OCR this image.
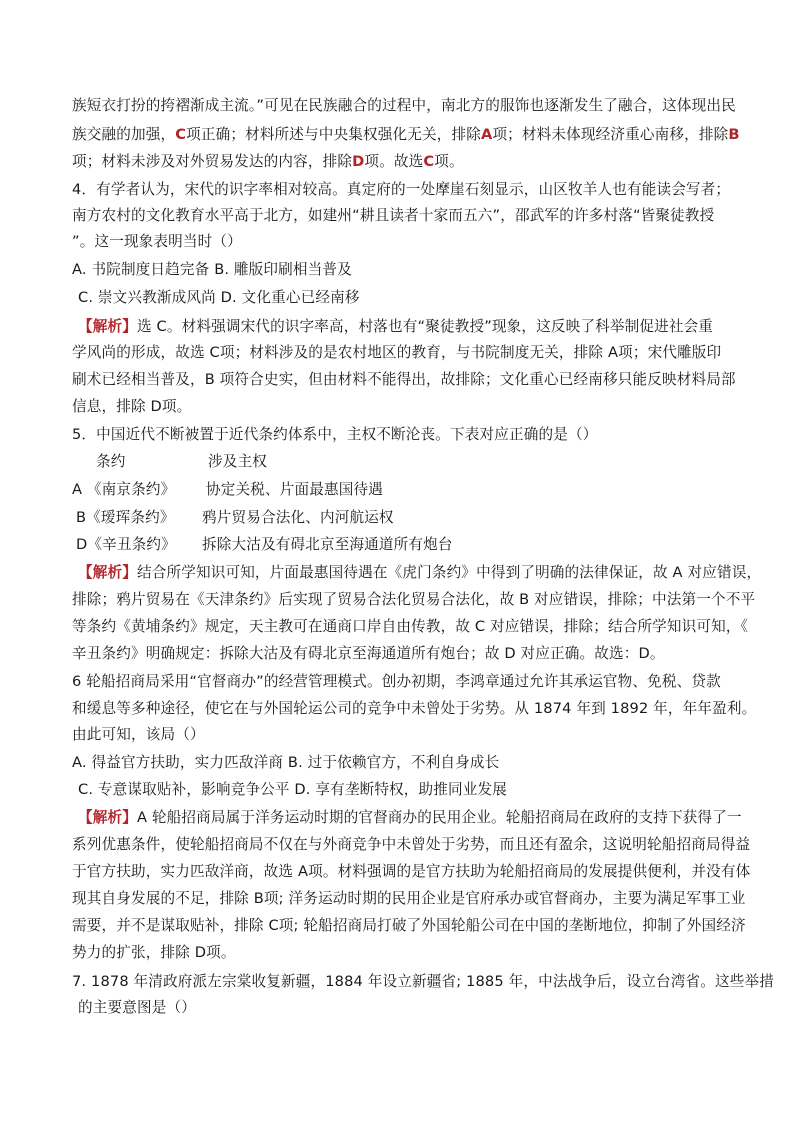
族短衣打扮的挎褶渐成主流。”可见在民族融合的过程中，南北方的服饰也逐渐发生了融合，这体现出民
族交融的加强，C项正确；材料所述与中央集权强化无关，排除A项；材料未体现经济重心南移，排除B
项；材料未涉及对外贸易发达的内容，排除D项。故选C项。
4．有学者认为，宋代的识字率相对较高。真定府的一处摩崖石刻显示，山区牧羊人也有能读会写者；
南方农村的文化教育水平高于北方，如建州“耕且读者十家而五六”，邵武军的许多村落“皆聚徒教授
”。这一现象表明当时（）
A. 书院制度日趋完备 B. 雕版印刷相当普及
C. 崇文兴教渐成风尚 D. 文化重心已经南移
【解析】选 C。材料强调宋代的识字率高，村落也有“聚徒教授”现象，这反映了科举制促进社会重
学风尚的形成，故选 C项；材料涉及的是农村地区的教育，与书院制度无关，排除 A项；宋代雕版印
刷术已经相当普及，B 项符合史实，但由材料不能得出，故排除；文化重心已经南移只能反映材料局部
信息，排除 D项。
5．中国近代不断被置于近代条约体系中，主权不断沦丧。下表对应正确的是（）
条约	涉及主权
A 《南京条约》 协定关税、片面最惠国待遇
B《瑷珲条约》 鸦片贸易合法化、内河航运权
D《辛丑条约》 拆除大沽及有碍北京至海通道所有炮台
【解析】结合所学知识可知，片面最惠国待遇在《虎门条约》中得到了明确的法律保证，故 A 对应错误，
排除；鸦片贸易在《天津条约》后实现了贸易合法化贸易合法化，故 B 对应错误，排除；中法第一个不平
等条约《黄埔条约》规定，天主教可在通商口岸自由传教，故 C 对应错误，排除；结合所学知识可知，《
辛丑条约》明确规定：拆除大沽及有碍北京至海通道所有炮台；故 D 对应正确。故选：D。
6 轮船招商局采用“官督商办”的经营管理模式。创办初期，李鸿章通过允许其承运官物、免税、贷款
和缓息等多种途径，使它在与外国轮运公司的竞争中未曾处于劣势。从 1874 年到 1892 年，年年盈利。
由此可知，该局（）
A. 得益官方扶助，实力匹敌洋商 B. 过于依赖官方，不利自身成长
C. 专意谋取贴补，影响竞争公平 D. 享有垄断特权，助推同业发展
【解析】A 轮船招商局属于洋务运动时期的官督商办的民用企业。轮船招商局在政府的支持下获得了一
系列优惠条件，使轮船招商局不仅在与外商竞争中未曾处于劣势，而且还有盈余，这说明轮船招商局得益
于官方扶助，实力匹敌洋商，故选 A项。材料强调的是官方扶助为轮船招商局的发展提供便利，并没有体
现其自身发展的不足，排除 B项; 洋务运动时期的民用企业是官府承办或官督商办，主要为满足军事工业
需要，并不是谋取贴补，排除 C项; 轮船招商局打破了外国轮船公司在中国的垄断地位，抑制了外国经济
势力的扩张，排除 D项。
7. 1878 年清政府派左宗棠收复新疆，1884 年设立新疆省; 1885 年，中法战争后，设立台湾省。这些举措
的主要意图是（）
